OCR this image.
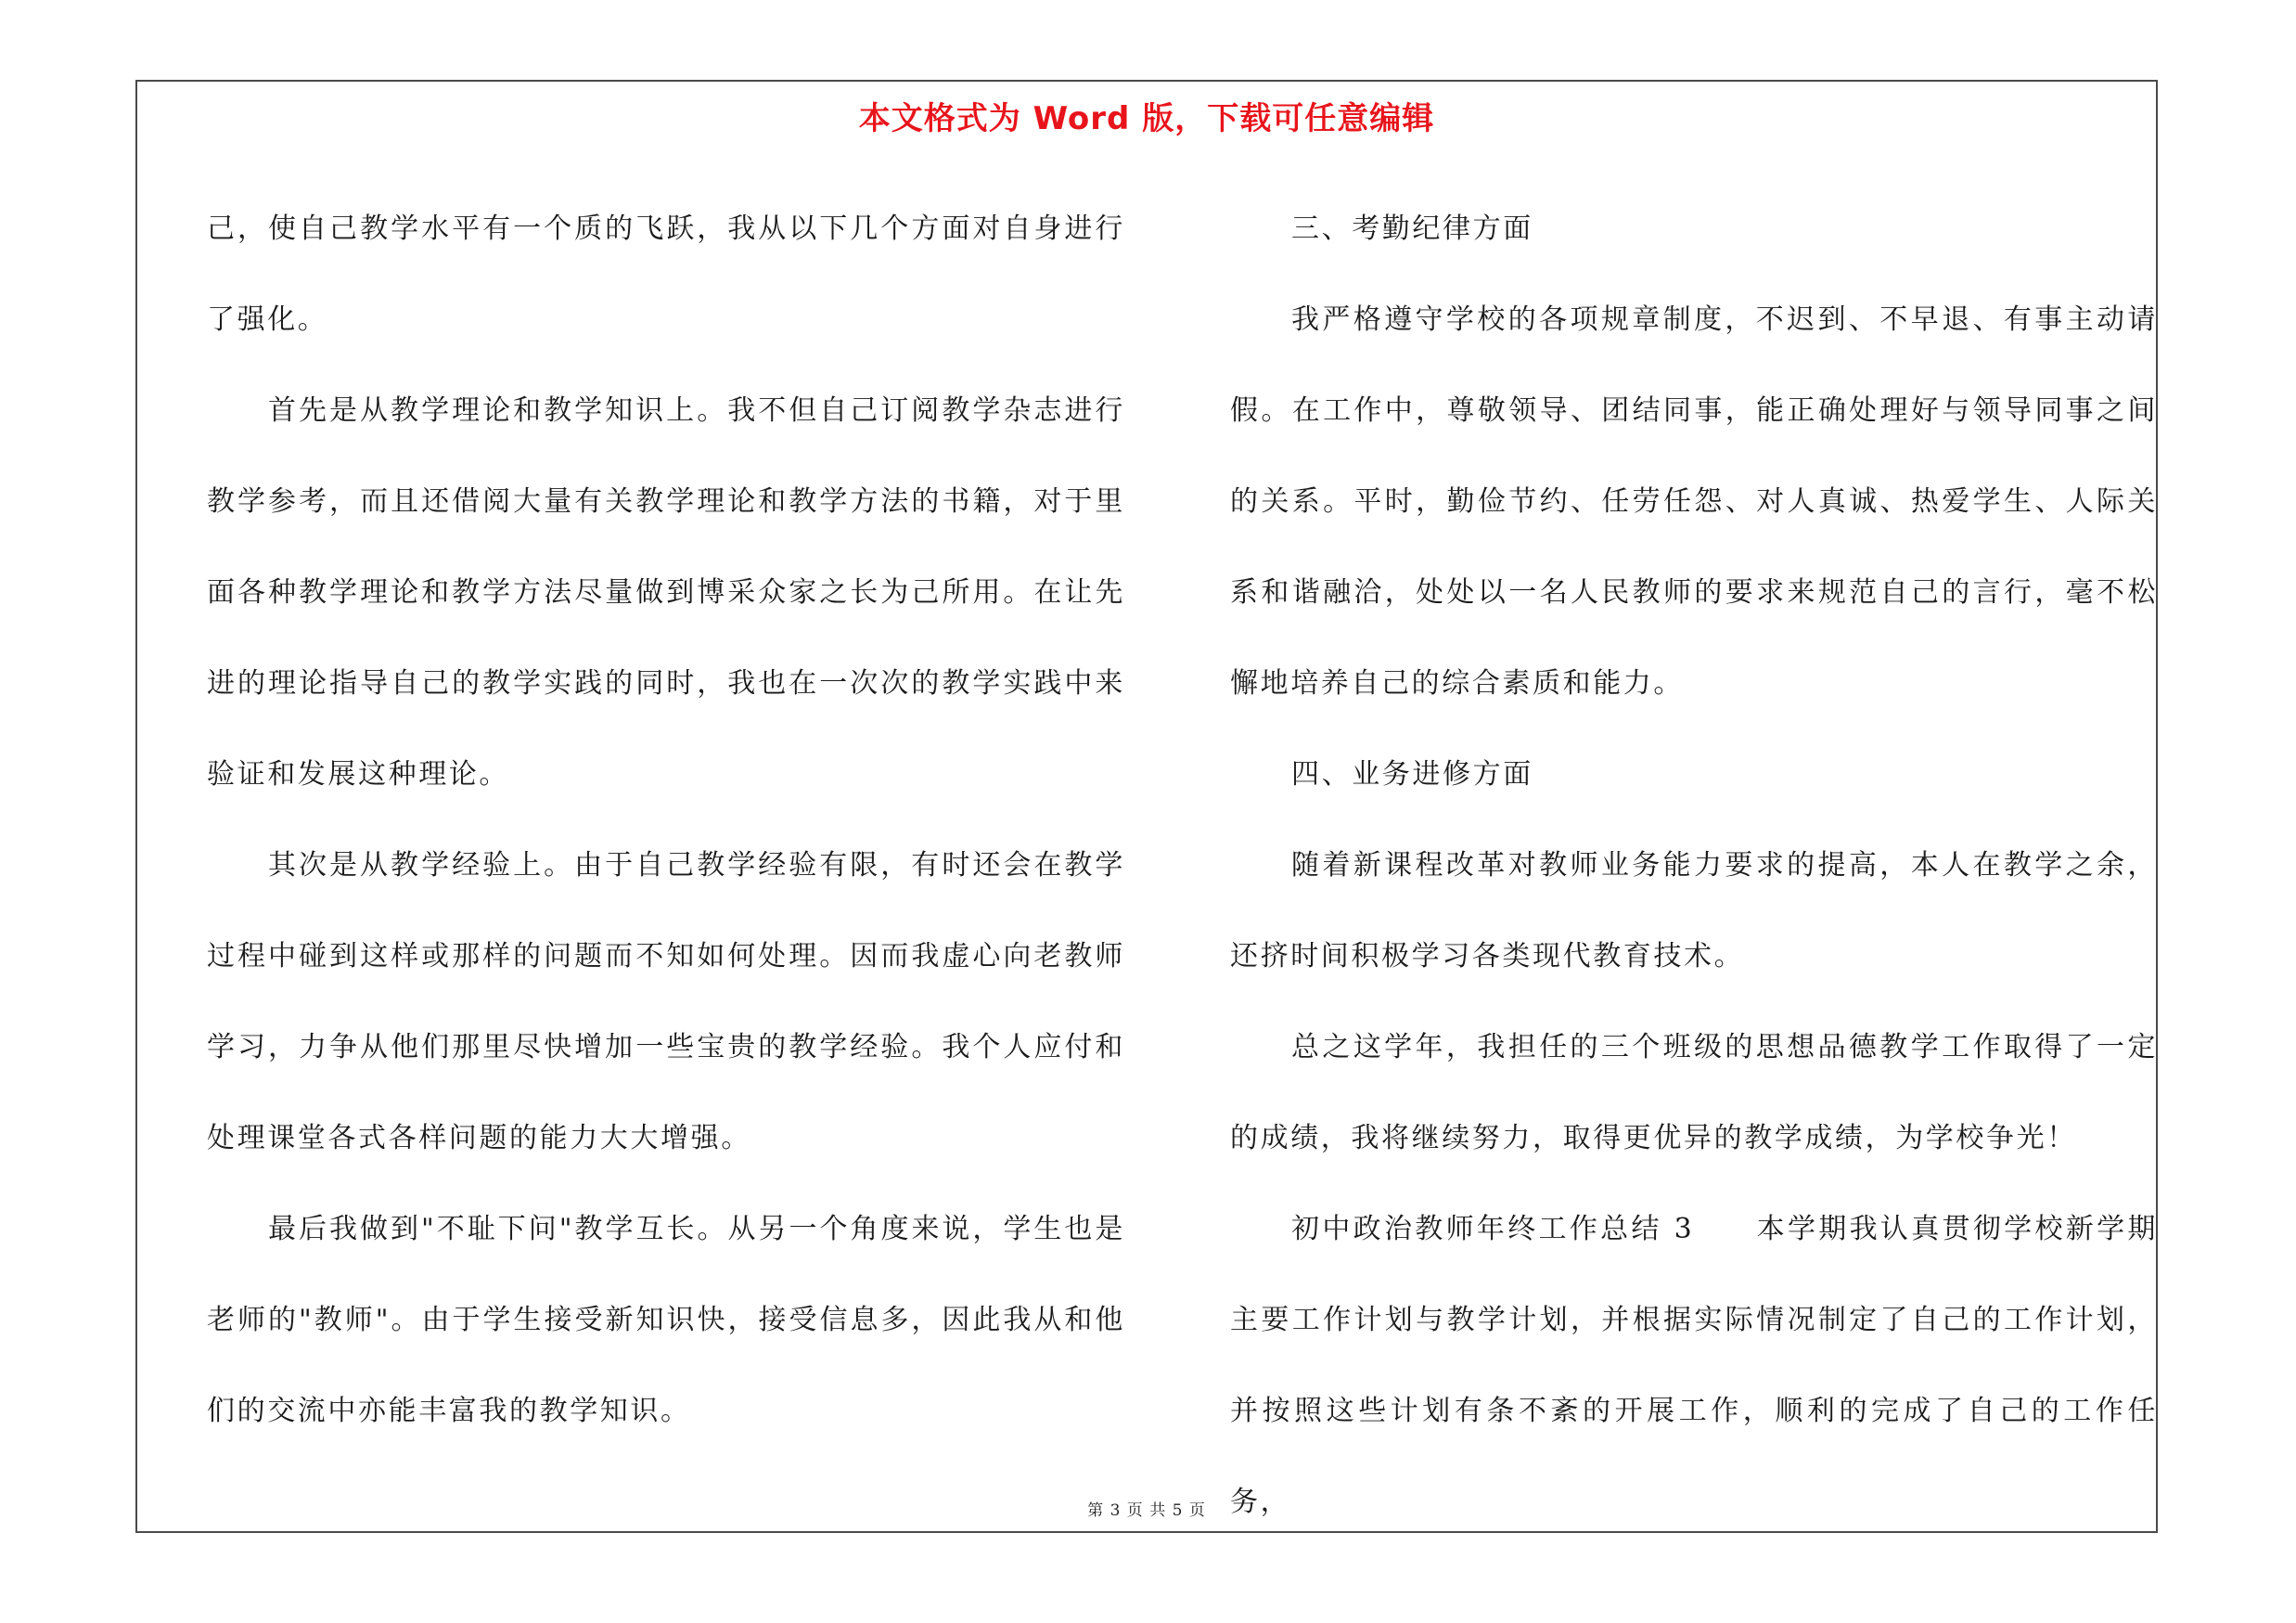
本文格式为 Word 版，下载可任意编辑

己，使自己教学水平有一个质的飞跃，我从以下几个方面对自身进行了强化。

首先是从教学理论和教学知识上。我不但自己订阅教学杂志进行教学参考，而且还借阅大量有关教学理论和教学方法的书籍，对于里面各种教学理论和教学方法尽量做到博采众家之长为己所用。在让先进的理论指导自己的教学实践的同时，我也在一次次的教学实践中来验证和发展这种理论。

其次是从教学经验上。由于自己教学经验有限，有时还会在教学过程中碰到这样或那样的问题而不知如何处理。因而我虚心向老教师学习，力争从他们那里尽快增加一些宝贵的教学经验。我个人应付和处理课堂各式各样问题的能力大大增强。

最后我做到"不耻下问"教学互长。从另一个角度来说，学生也是老师的"教师"。由于学生接受新知识快，接受信息多，因此我从和他们的交流中亦能丰富我的教学知识。

三、考勤纪律方面

我严格遵守学校的各项规章制度，不迟到、不早退、有事主动请假。在工作中，尊敬领导、团结同事，能正确处理好与领导同事之间的关系。平时，勤俭节约、任劳任怨、对人真诚、热爱学生、人际关系和谐融洽，处处以一名人民教师的要求来规范自己的言行，毫不松懈地培养自己的综合素质和能力。

四、业务进修方面

随着新课程改革对教师业务能力要求的提高，本人在教学之余，还挤时间积极学习各类现代教育技术。

总之这学年，我担任的三个班级的思想品德教学工作取得了一定的成绩，我将继续努力，取得更优异的教学成绩，为学校争光！

初中政治教师年终工作总结 3　　本学期我认真贯彻学校新学期主要工作计划与教学计划，并根据实际情况制定了自己的工作计划，并按照这些计划有条不紊的开展工作，顺利的完成了自己的工作任务，

第 3 页 共 5 页
